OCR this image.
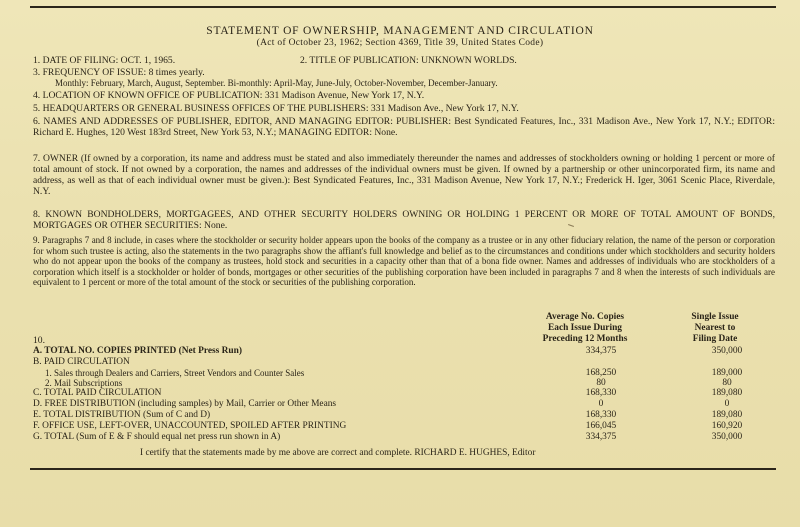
STATEMENT OF OWNERSHIP, MANAGEMENT AND CIRCULATION
(Act of October 23, 1962; Section 4369, Title 39, United States Code)
1. DATE OF FILING: OCT. 1, 1965.	2. TITLE OF PUBLICATION: UNKNOWN WORLDS.
3. FREQUENCY OF ISSUE: 8 times yearly.
Monthly: February, March, August, September. Bi-monthly: April-May, June-July, October-November, December-January.
4. LOCATION OF KNOWN OFFICE OF PUBLICATION: 331 Madison Avenue, New York 17, N.Y.
5. HEADQUARTERS OR GENERAL BUSINESS OFFICES OF THE PUBLISHERS: 331 Madison Ave., New York 17, N.Y.
6. NAMES AND ADDRESSES OF PUBLISHER, EDITOR, AND MANAGING EDITOR: PUBLISHER: Best Syndicated Features, Inc., 331 Madison Ave., New York 17, N.Y.; EDITOR: Richard E. Hughes, 120 West 183rd Street, New York 53, N.Y.; MANAGING EDITOR: None.
7. OWNER (If owned by a corporation, its name and address must be stated and also immediately thereunder the names and addresses of stockholders owning or holding 1 percent or more of total amount of stock. If not owned by a corporation, the names and addresses of the individual owners must be given. If owned by a partnership or other unincorporated firm, its name and address, as well as that of each individual owner must be given.): Best Syndicated Features, Inc., 331 Madison Avenue, New York 17, N.Y.; Frederick H. Iger, 3061 Scenic Place, Riverdale, N.Y.
8. KNOWN BONDHOLDERS, MORTGAGEES, AND OTHER SECURITY HOLDERS OWNING OR HOLDING 1 PERCENT OR MORE OF TOTAL AMOUNT OF BONDS, MORTGAGES OR OTHER SECURITIES: None.
9. Paragraphs 7 and 8 include, in cases where the stockholder or security holder appears upon the books of the company as a trustee or in any other fiduciary relation, the name of the person or corporation for whom such trustee is acting, also the statements in the two paragraphs show the affiant's full knowledge and belief as to the circumstances and conditions under which stockholders and security holders who do not appear upon the books of the company as trustees, hold stock and securities in a capacity other than that of a bona fide owner. Names and addresses of individuals who are stockholders of a corporation which itself is a stockholder or holder of bonds, mortgages or other securities of the publishing corporation have been included in paragraphs 7 and 8 when the interests of such individuals are equivalent to 1 percent or more of the total amount of the stock or securities of the publishing corporation.
Average No. Copies
Each Issue During
Preceding 12 Months
Single Issue
Nearest to
Filing Date
10.
A. TOTAL NO. COPIES PRINTED (Net Press Run)	334,375	350,000
B. PAID CIRCULATION
1. Sales through Dealers and Carriers, Street Vendors and Counter Sales	168,250	189,000
2. Mail Subscriptions	80	80
C. TOTAL PAID CIRCULATION	168,330	189,080
D. FREE DISTRIBUTION (including samples) by Mail, Carrier or Other Means	0	0
E. TOTAL DISTRIBUTION (Sum of C and D)	168,330	189,080
F. OFFICE USE, LEFT-OVER, UNACCOUNTED, SPOILED AFTER PRINTING	166,045	160,920
G. TOTAL (Sum of E & F should equal net press run shown in A)	334,375	350,000
I certify that the statements made by me above are correct and complete. RICHARD E. HUGHES, Editor
